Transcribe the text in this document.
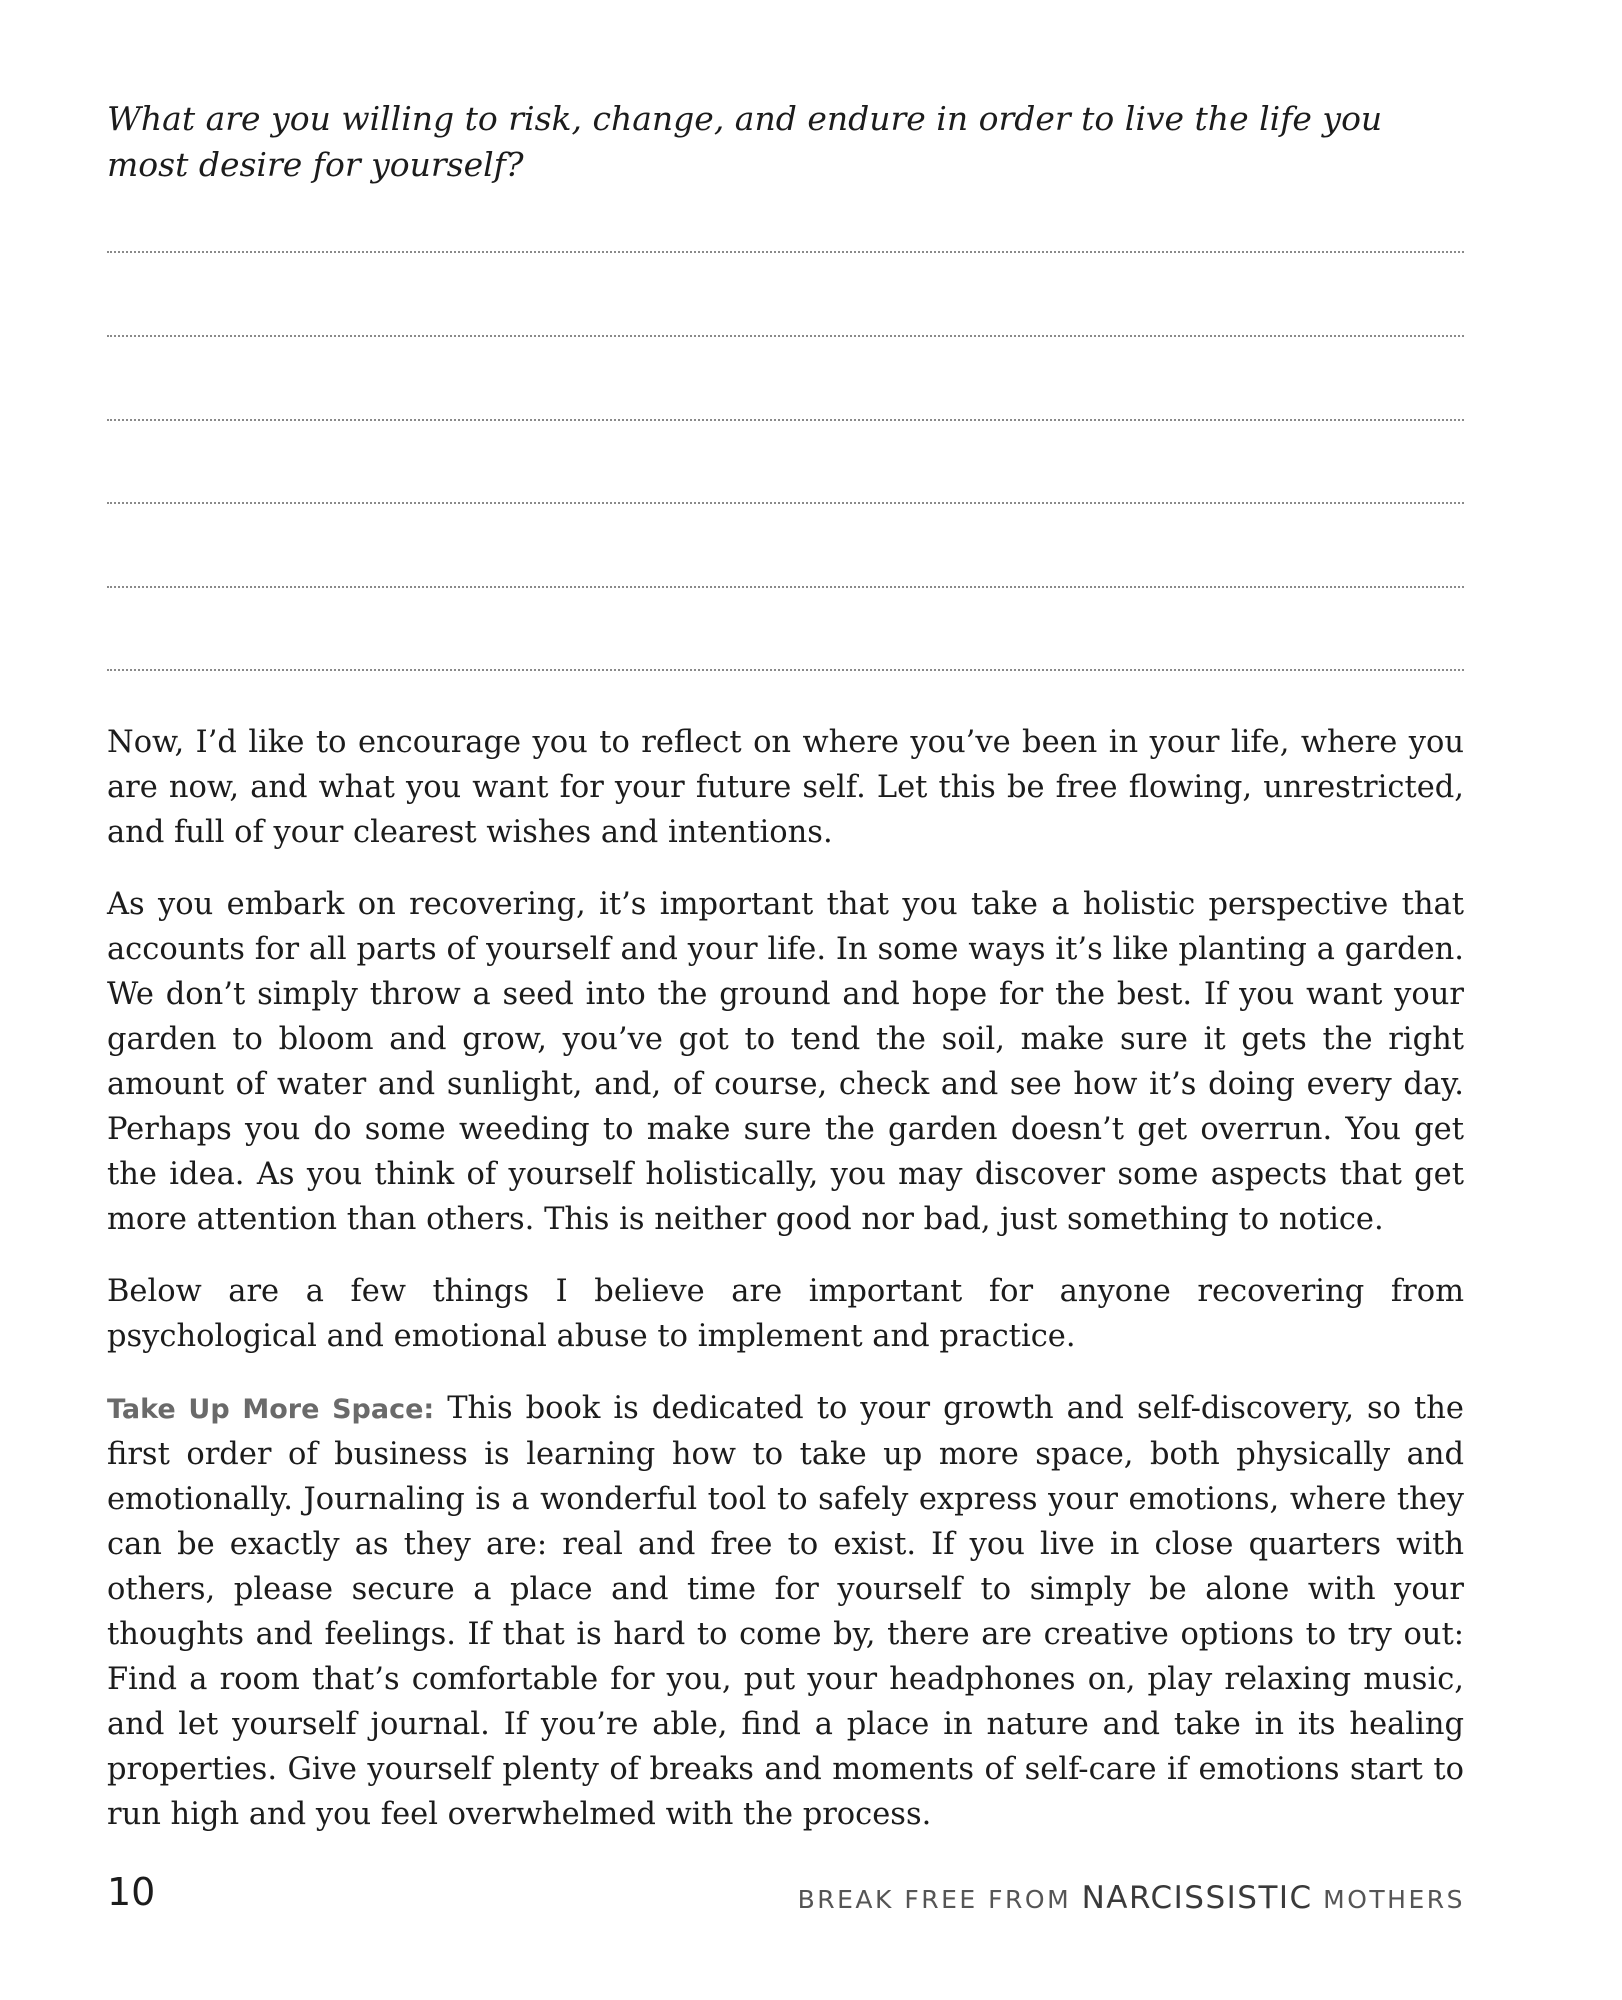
What are you willing to risk, change, and endure in order to live the life you most desire for yourself?

Now, I’d like to encourage you to reflect on where you’ve been in your life, where you are now, and what you want for your future self. Let this be free flowing, unrestricted, and full of your clearest wishes and intentions.

As you embark on recovering, it’s important that you take a holistic perspective that accounts for all parts of yourself and your life. In some ways it’s like planting a garden. We don’t simply throw a seed into the ground and hope for the best. If you want your garden to bloom and grow, you’ve got to tend the soil, make sure it gets the right amount of water and sunlight, and, of course, check and see how it’s doing every day. Perhaps you do some weeding to make sure the garden doesn’t get overrun. You get the idea. As you think of yourself holistically, you may discover some aspects that get more attention than others. This is neither good nor bad, just something to notice.

Below are a few things I believe are important for anyone recovering from psychological and emotional abuse to implement and practice.

Take Up More Space: This book is dedicated to your growth and self-discovery, so the first order of business is learning how to take up more space, both physically and emotionally. Journaling is a wonderful tool to safely express your emotions, where they can be exactly as they are: real and free to exist. If you live in close quarters with others, please secure a place and time for yourself to simply be alone with your thoughts and feelings. If that is hard to come by, there are creative options to try out: Find a room that’s comfortable for you, put your headphones on, play relaxing music, and let yourself journal. If you’re able, find a place in nature and take in its healing properties. Give yourself plenty of breaks and moments of self-care if emotions start to run high and you feel overwhelmed with the process.

10	BREAK FREE FROM NARCISSISTIC MOTHERS
